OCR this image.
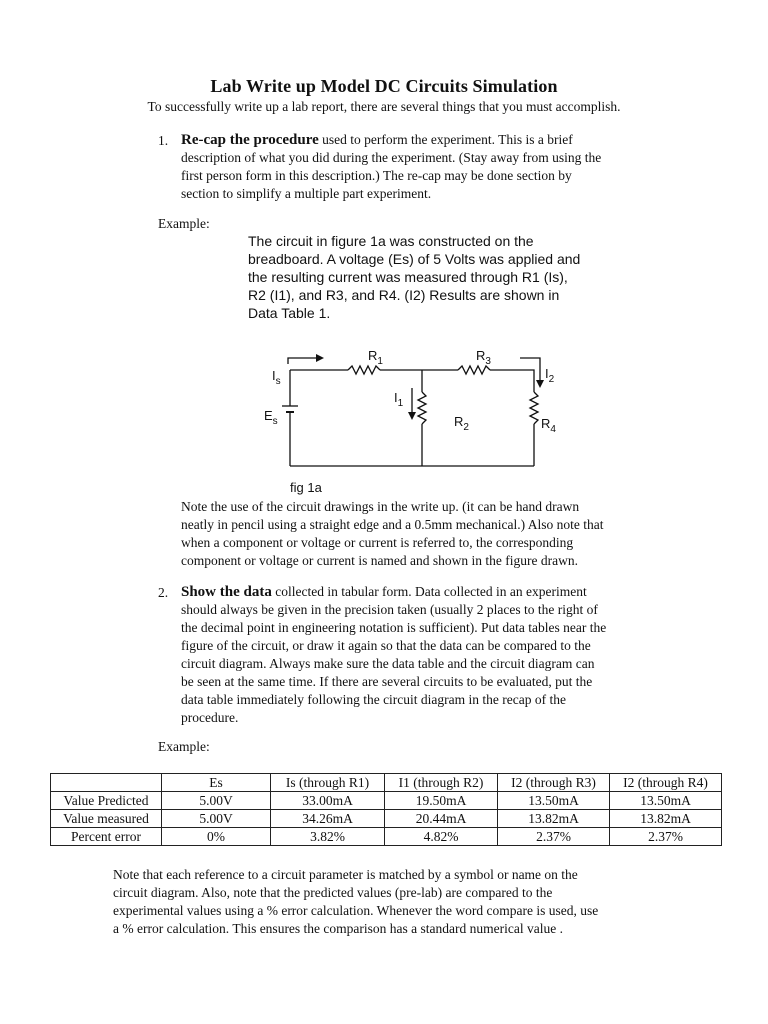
Lab Write up Model DC Circuits Simulation
To successfully write up a lab report, there are several things that you must accomplish.
1. Re-cap the procedure used to perform the experiment. This is a brief
description of what you did during the experiment. (Stay away from using the
first person form in this description.) The re-cap may be done section by
section to simplify a multiple part experiment.
Example:
The circuit in figure 1a was constructed on the
breadboard. A voltage (Es) of 5 Volts was applied and
the resulting current was measured through R1 (Is),
R2 (I1), and R3, and R4. (I2) Results are shown in
Data Table 1.
$R_1$	$R_3$
$R_2$	$R_4$
$I_s$
$I_1$
$I_2$
$E_s$
fig 1a
Note the use of the circuit drawings in the write up. (it can be hand drawn
neatly in pencil using a straight edge and a 0.5mm mechanical.) Also note that
when a component or voltage or current is referred to, the corresponding
component or voltage or current is named and shown in the figure drawn.
2. Show the data collected in tabular form. Data collected in an experiment
should always be given in the precision taken (usually 2 places to the right of
the decimal point in engineering notation is sufficient). Put data tables near the
figure of the circuit, or draw it again so that the data can be compared to the
circuit diagram. Always make sure the data table and the circuit diagram can
be seen at the same time. If there are several circuits to be evaluated, put the
data table immediately following the circuit diagram in the recap of the
procedure.
Example:
	Es	Is (through R1)	I1 (through R2)	I2 (through R3)	I2 (through R4)
Value Predicted	5.00V	33.00mA	19.50mA	13.50mA	13.50mA
Value measured	5.00V	34.26mA	20.44mA	13.82mA	13.82mA
Percent error	0%	3.82%	4.82%	2.37%	2.37%
Note that each reference to a circuit parameter is matched by a symbol or name on the
circuit diagram. Also, note that the predicted values (pre-lab) are compared to the
experimental values using a % error calculation. Whenever the word compare is used, use
a % error calculation. This ensures the comparison has a standard numerical value .
